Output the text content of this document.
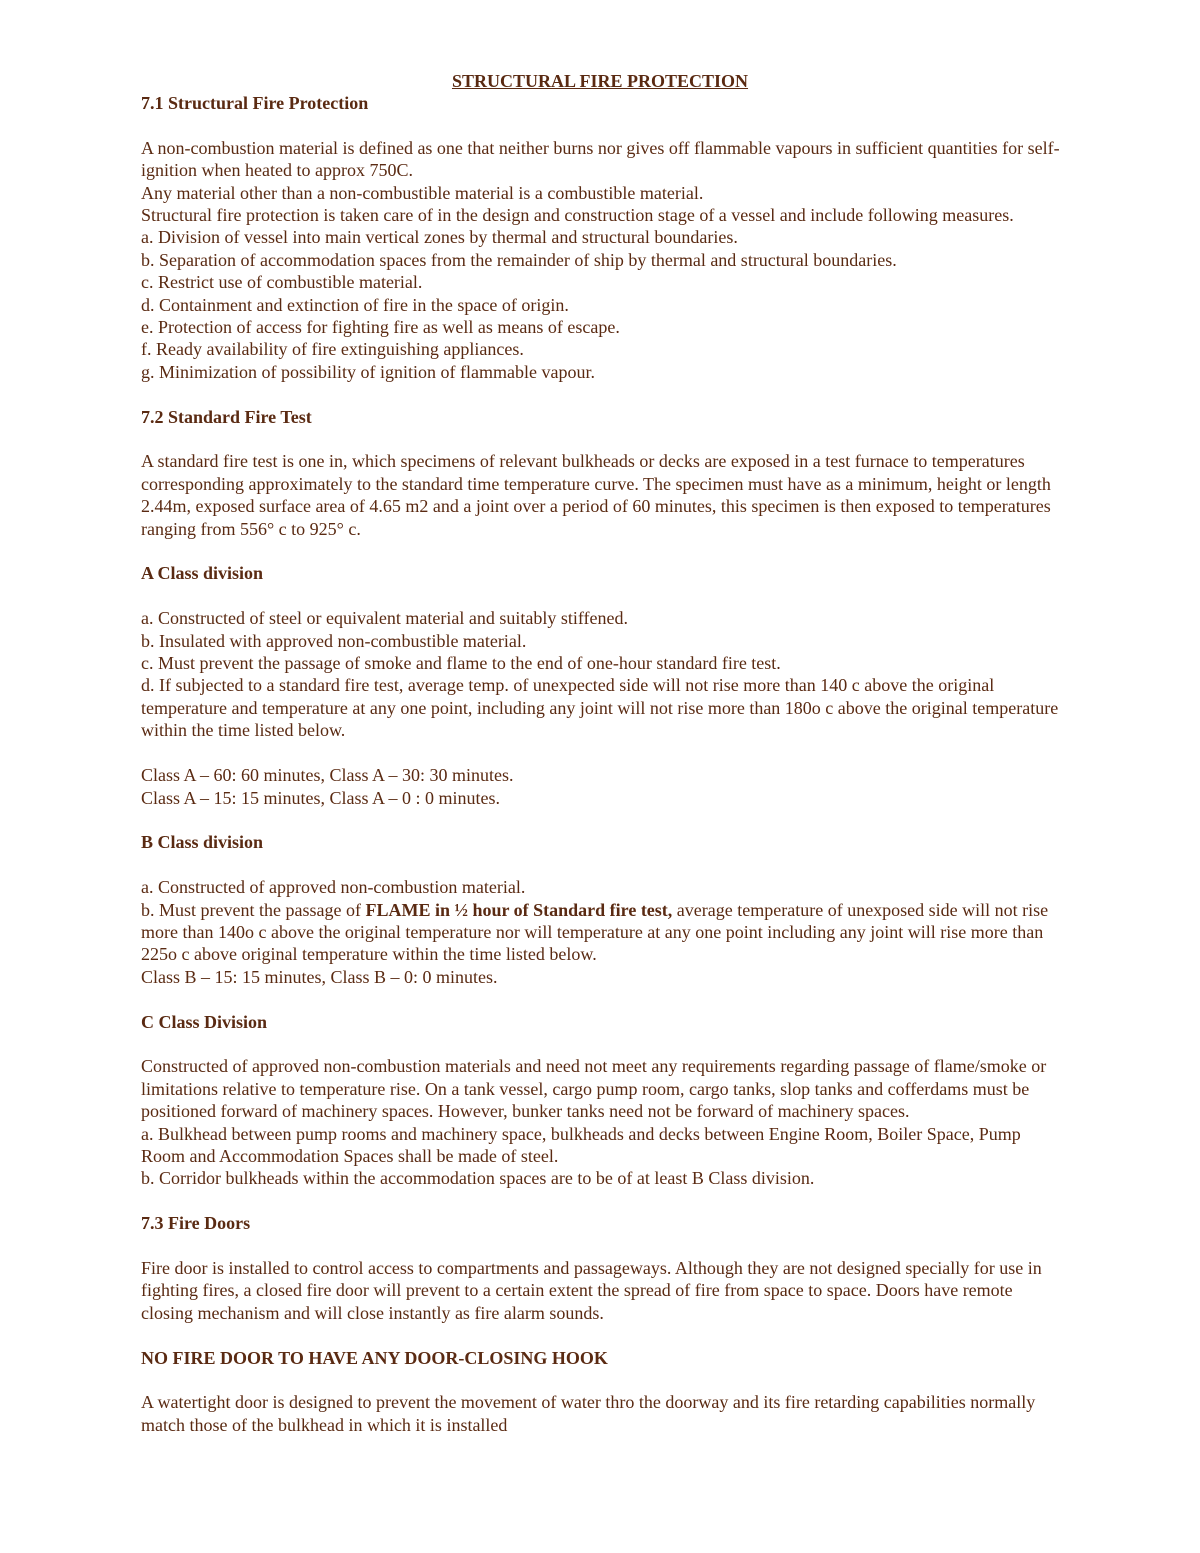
STRUCTURAL FIRE PROTECTION

7.1 Structural Fire Protection

A non-combustion material is defined as one that neither burns nor gives off flammable vapours in sufficient quantities for self-ignition when heated to approx 750C.

Any material other than a non-combustible material is a combustible material.

Structural fire protection is taken care of in the design and construction stage of a vessel and include following measures.

a. Division of vessel into main vertical zones by thermal and structural boundaries.

b. Separation of accommodation spaces from the remainder of ship by thermal and structural boundaries.

c. Restrict use of combustible material.

d. Containment and extinction of fire in the space of origin.

e. Protection of access for fighting fire as well as means of escape.

f. Ready availability of fire extinguishing appliances.

g. Minimization of possibility of ignition of flammable vapour.

7.2 Standard Fire Test

A standard fire test is one in, which specimens of relevant bulkheads or decks are exposed in a test furnace to temperatures corresponding approximately to the standard time temperature curve. The specimen must have as a minimum, height or length 2.44m, exposed surface area of 4.65 m2 and a joint over a period of 60 minutes, this specimen is then exposed to temperatures ranging from 556° c to 925° c.

A Class division

a. Constructed of steel or equivalent material and suitably stiffened.

b. Insulated with approved non-combustible material.

c. Must prevent the passage of smoke and flame to the end of one-hour standard fire test.

d. If subjected to a standard fire test, average temp. of unexpected side will not rise more than 140 c above the original temperature and temperature at any one point, including any joint will not rise more than 180o c above the original temperature within the time listed below.

Class A – 60: 60 minutes, Class A – 30: 30 minutes.

Class A – 15: 15 minutes, Class A – 0 : 0 minutes.

B Class division

a. Constructed of approved non-combustion material.

b. Must prevent the passage of FLAME in ½ hour of Standard fire test, average temperature of unexposed side will not rise more than 140o c above the original temperature nor will temperature at any one point including any joint will rise more than 225o c above original temperature within the time listed below.

Class B – 15: 15 minutes, Class B – 0: 0 minutes.

C Class Division

Constructed of approved non-combustion materials and need not meet any requirements regarding passage of flame/smoke or limitations relative to temperature rise. On a tank vessel, cargo pump room, cargo tanks, slop tanks and cofferdams must be positioned forward of machinery spaces. However, bunker tanks need not be forward of machinery spaces.

a. Bulkhead between pump rooms and machinery space, bulkheads and decks between Engine Room, Boiler Space, Pump Room and Accommodation Spaces shall be made of steel.

b. Corridor bulkheads within the accommodation spaces are to be of at least B Class division.

7.3 Fire Doors

Fire door is installed to control access to compartments and passageways. Although they are not designed specially for use in fighting fires, a closed fire door will prevent to a certain extent the spread of fire from space to space. Doors have remote closing mechanism and will close instantly as fire alarm sounds.

NO FIRE DOOR TO HAVE ANY DOOR-CLOSING HOOK

A watertight door is designed to prevent the movement of water thro the doorway and its fire retarding capabilities normally match those of the bulkhead in which it is installed
